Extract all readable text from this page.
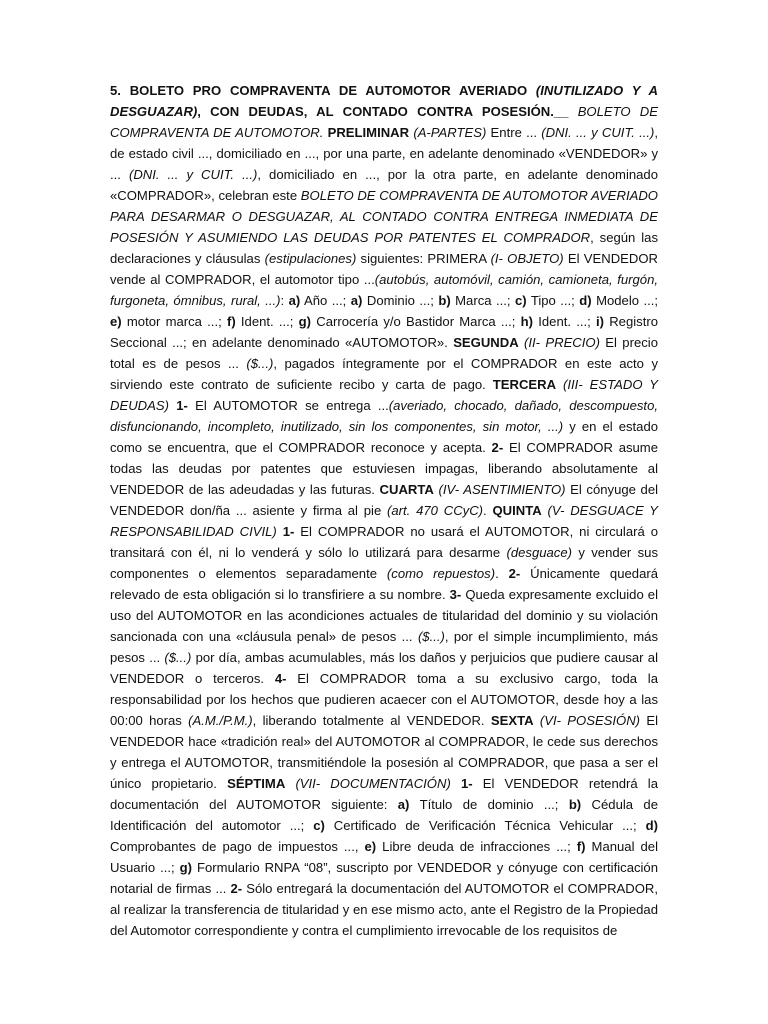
5. BOLETO PRO COMPRAVENTA DE AUTOMOTOR AVERIADO (INUTILIZADO Y A DESGUAZAR), CON DEUDAS, AL CONTADO CONTRA POSESIÓN.__ BOLETO DE COMPRAVENTA DE AUTOMOTOR. PRELIMINAR (A-PARTES) Entre ... (DNI. ... y CUIT. ...), de estado civil ..., domiciliado en ..., por una parte, en adelante denominado «VENDEDOR» y ... (DNI. ... y CUIT. ...), domiciliado en ..., por la otra parte, en adelante denominado «COMPRADOR», celebran este BOLETO DE COMPRAVENTA DE AUTOMOTOR AVERIADO PARA DESARMAR O DESGUAZAR, AL CONTADO CONTRA ENTREGA INMEDIATA DE POSESIÓN Y ASUMIENDO LAS DEUDAS POR PATENTES EL COMPRADOR, según las declaraciones y cláusulas (estipulaciones) siguientes: PRIMERA (I- OBJETO) El VENDEDOR vende al COMPRADOR, el automotor tipo ...(autobús, automóvil, camión, camioneta, furgón, furgoneta, ómnibus, rural, ...): a) Año ...; a) Dominio ...; b) Marca ...; c) Tipo ...; d) Modelo ...; e) motor marca ...; f) Ident. ...; g) Carrocería y/o Bastidor Marca ...; h) Ident. ...; i) Registro Seccional ...; en adelante denominado «AUTOMOTOR». SEGUNDA (II- PRECIO) El precio total es de pesos ... ($...), pagados íntegramente por el COMPRADOR en este acto y sirviendo este contrato de suficiente recibo y carta de pago. TERCERA (III- ESTADO Y DEUDAS) 1- El AUTOMOTOR se entrega ...(averiado, chocado, dañado, descompuesto, disfuncionando, incompleto, inutilizado, sin los componentes, sin motor, ...) y en el estado como se encuentra, que el COMPRADOR reconoce y acepta. 2- El COMPRADOR asume todas las deudas por patentes que estuviesen impagas, liberando absolutamente al VENDEDOR de las adeudadas y las futuras. CUARTA (IV- ASENTIMIENTO) El cónyuge del VENDEDOR don/ña ... asiente y firma al pie (art. 470 CCyC). QUINTA (V- DESGUACE Y RESPONSABILIDAD CIVIL) 1- El COMPRADOR no usará el AUTOMOTOR, ni circulará o transitará con él, ni lo venderá y sólo lo utilizará para desarme (desguace) y vender sus componentes o elementos separadamente (como repuestos). 2- Únicamente quedará relevado de esta obligación si lo transfiriere a su nombre. 3- Queda expresamente excluido el uso del AUTOMOTOR en las acondiciones actuales de titularidad del dominio y su violación sancionada con una «cláusula penal» de pesos ... ($...), por el simple incumplimiento, más pesos ... ($...) por día, ambas acumulables, más los daños y perjuicios que pudiere causar al VENDEDOR o terceros. 4- El COMPRADOR toma a su exclusivo cargo, toda la responsabilidad por los hechos que pudieren acaecer con el AUTOMOTOR, desde hoy a las 00:00 horas (A.M./P.M.), liberando totalmente al VENDEDOR. SEXTA (VI- POSESIÓN) El VENDEDOR hace «tradición real» del AUTOMOTOR al COMPRADOR, le cede sus derechos y entrega el AUTOMOTOR, transmitiéndole la posesión al COMPRADOR, que pasa a ser el único propietario. SÉPTIMA (VII- DOCUMENTACIÓN) 1- El VENDEDOR retendrá la documentación del AUTOMOTOR siguiente: a) Título de dominio ...; b) Cédula de Identificación del automotor ...; c) Certificado de Verificación Técnica Vehicular ...; d) Comprobantes de pago de impuestos ..., e) Libre deuda de infracciones ...; f) Manual del Usuario ...; g) Formulario RNPA “08”, suscripto por VENDEDOR y cónyuge con certificación notarial de firmas ... 2- Sólo entregará la documentación del AUTOMOTOR el COMPRADOR, al realizar la transferencia de titularidad y en ese mismo acto, ante el Registro de la Propiedad del Automotor correspondiente y contra el cumplimiento irrevocable de los requisitos de
